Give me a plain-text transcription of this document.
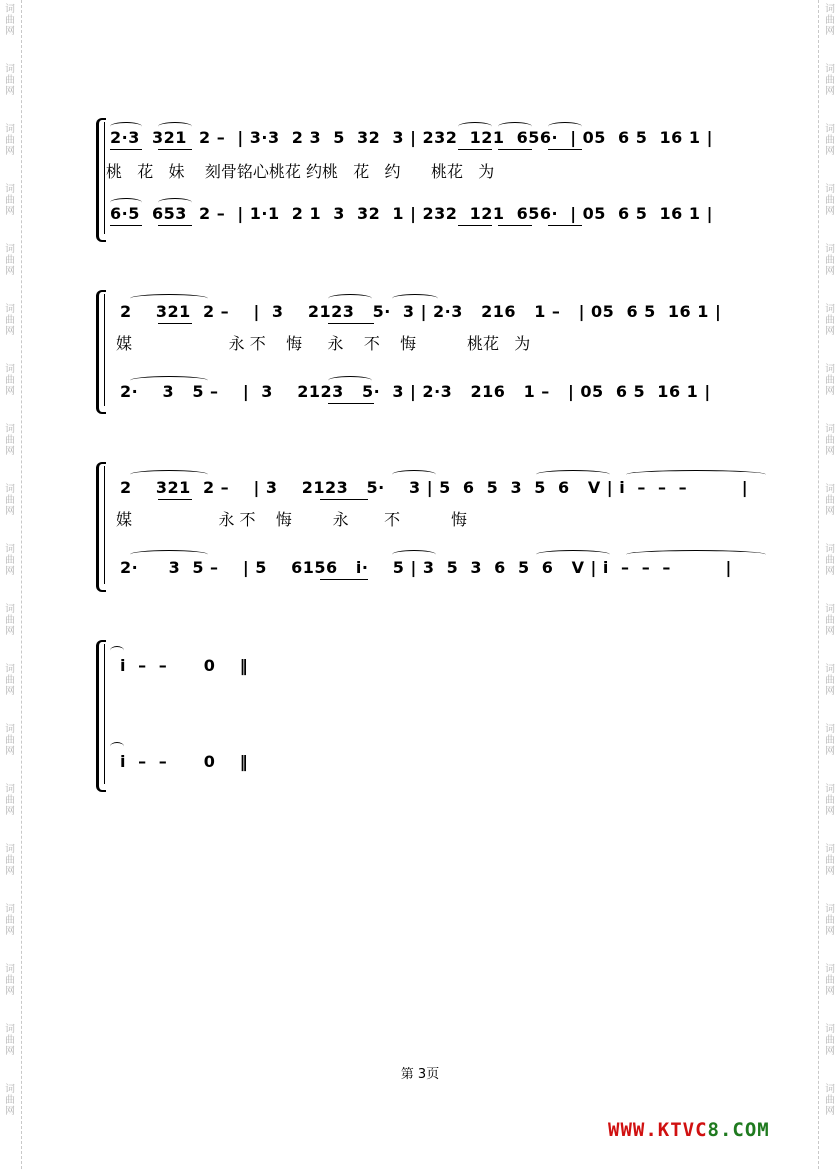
词
曲
网
词
曲
网
词
曲
网
词
曲
网
词
曲
网
词
曲
网
词
曲
网
词
曲
网
词
曲
网
词
曲
网
词
曲
网
词
曲
网
词
曲
网
词
曲
网
词
曲
网
词
曲
网
词
曲
网
词
曲
网
词
曲
网
词
曲
网
词
曲
网
词
曲
网
词
曲
网
词
曲
网
词
曲
网
词
曲
网
词
曲
网
词
曲
网
词
曲
网
词
曲
网
词
曲
网
词
曲
网
词
曲
网
词
曲
网
词
曲
网
词
曲
网
词
曲
网
词
曲
网
2·3  321  2 –  | 3·3  2 3  5  32  3 | 232  121  656·  | 05  6 5  16 1 |
桃   花   妹    刻骨铭心桃花 约桃   花   约      桃花   为
6·5  653  2 –  | 1·1  2 1  3  32  1 | 232  121  656·  | 05  6 5  16 1 |
2    321  2 –    |  3    2123   5·  3 | 2·3   216   1 –   | 05  6 5  16 1 |
媒                   永 不    悔     永    不    悔          桃花   为
2·    3   5 –    |  3    2123   5·  3 | 2·3   216   1 –   | 05  6 5  16 1 |
2    321  2 –    | 3    2123   5·    3 | 5  6  5  3  5  6   V | i  –  –  –         |
媒                 永 不    悔        永       不          悔
2·     3  5 –    | 5    6156   i·    5 | 3  5  3  6  5  6   V | i  –  –  –         |
i  –  –      0    ‖
i  –  –      0    ‖
第 3页
WWW.KTVC8.COM
